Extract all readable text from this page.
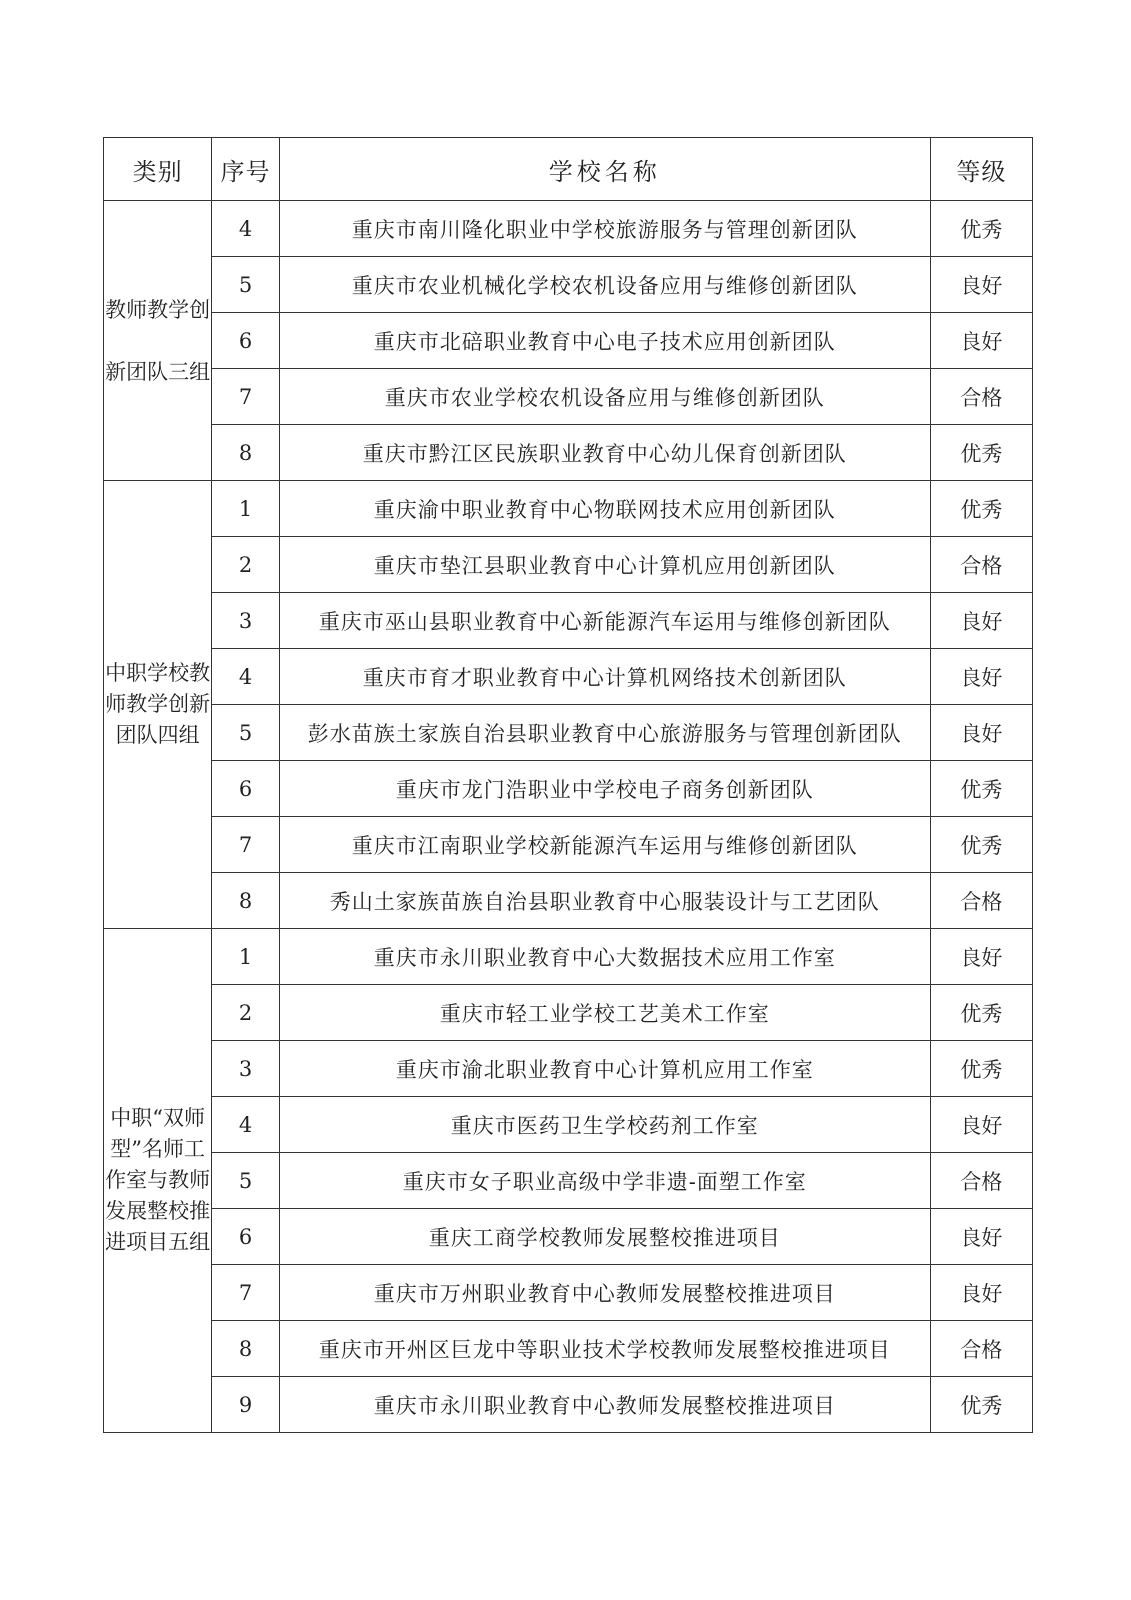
类别	序号	学校名称	等级
教师教学创新团队三组	4	重庆市南川隆化职业中学校旅游服务与管理创新团队	优秀
	5	重庆市农业机械化学校农机设备应用与维修创新团队	良好
	6	重庆市北碚职业教育中心电子技术应用创新团队	良好
	7	重庆市农业学校农机设备应用与维修创新团队	合格
	8	重庆市黔江区民族职业教育中心幼儿保育创新团队	优秀
中职学校教师教学创新团队四组	1	重庆渝中职业教育中心物联网技术应用创新团队	优秀
	2	重庆市垫江县职业教育中心计算机应用创新团队	合格
	3	重庆市巫山县职业教育中心新能源汽车运用与维修创新团队	良好
	4	重庆市育才职业教育中心计算机网络技术创新团队	良好
	5	彭水苗族土家族自治县职业教育中心旅游服务与管理创新团队	良好
	6	重庆市龙门浩职业中学校电子商务创新团队	优秀
	7	重庆市江南职业学校新能源汽车运用与维修创新团队	优秀
	8	秀山土家族苗族自治县职业教育中心服装设计与工艺团队	合格
中职“双师型”名师工作室与教师发展整校推进项目五组	1	重庆市永川职业教育中心大数据技术应用工作室	良好
	2	重庆市轻工业学校工艺美术工作室	优秀
	3	重庆市渝北职业教育中心计算机应用工作室	优秀
	4	重庆市医药卫生学校药剂工作室	良好
	5	重庆市女子职业高级中学非遗-面塑工作室	合格
	6	重庆工商学校教师发展整校推进项目	良好
	7	重庆市万州职业教育中心教师发展整校推进项目	良好
	8	重庆市开州区巨龙中等职业技术学校教师发展整校推进项目	合格
	9	重庆市永川职业教育中心教师发展整校推进项目	优秀
